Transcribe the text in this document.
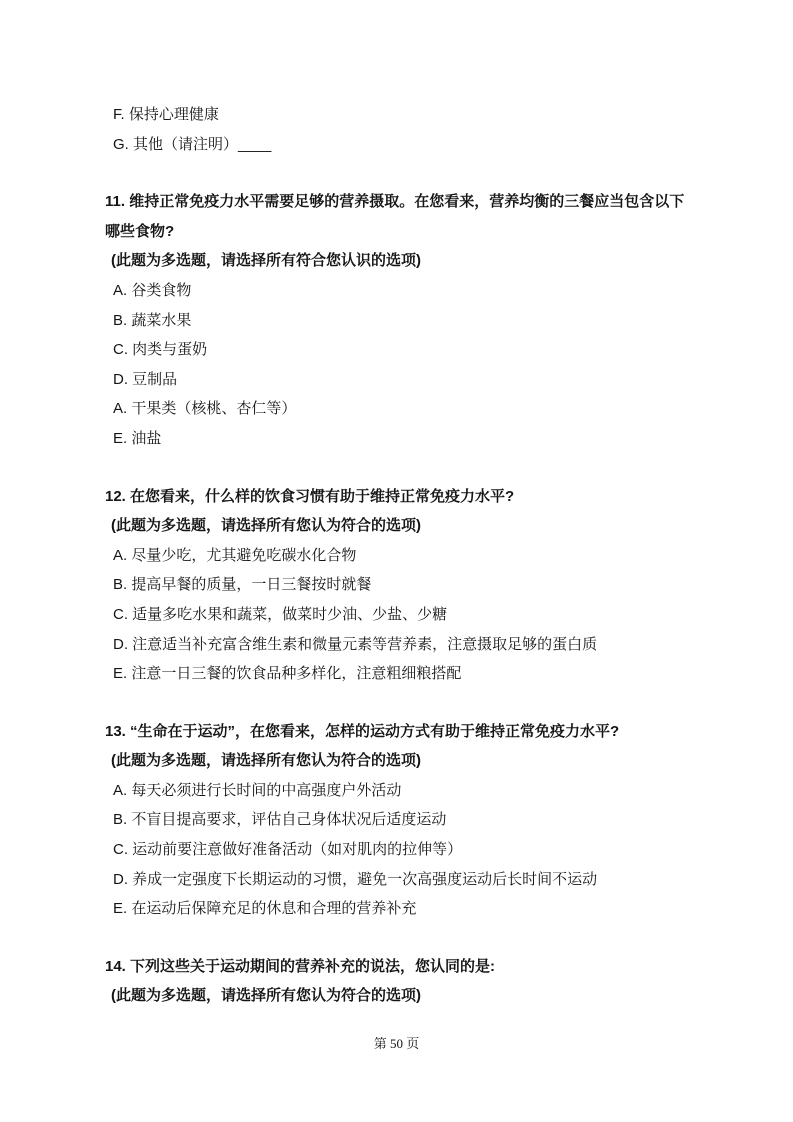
F. 保持心理健康
G. 其他（请注明）____
11. 维持正常免疫力水平需要足够的营养摄取。在您看来，营养均衡的三餐应当包含以下哪些食物?
(此题为多选题，请选择所有符合您认识的选项)
A. 谷类食物
B. 蔬菜水果
C. 肉类与蛋奶
D. 豆制品
A. 干果类（核桃、杏仁等）
E. 油盐
12. 在您看来，什么样的饮食习惯有助于维持正常免疫力水平?
(此题为多选题，请选择所有您认为符合的选项)
A. 尽量少吃，尤其避免吃碳水化合物
B. 提高早餐的质量，一日三餐按时就餐
C. 适量多吃水果和蔬菜，做菜时少油、少盐、少糖
D. 注意适当补充富含维生素和微量元素等营养素，注意摄取足够的蛋白质
E. 注意一日三餐的饮食品种多样化，注意粗细粮搭配
13. “生命在于运动”，在您看来，怎样的运动方式有助于维持正常免疫力水平?
(此题为多选题，请选择所有您认为符合的选项)
A. 每天必须进行长时间的中高强度户外活动
B. 不盲目提高要求，评估自己身体状况后适度运动
C. 运动前要注意做好准备活动（如对肌肉的拉伸等）
D. 养成一定强度下长期运动的习惯，避免一次高强度运动后长时间不运动
E. 在运动后保障充足的休息和合理的营养补充
14. 下列这些关于运动期间的营养补充的说法，您认同的是:
(此题为多选题，请选择所有您认为符合的选项)
第 50 页
